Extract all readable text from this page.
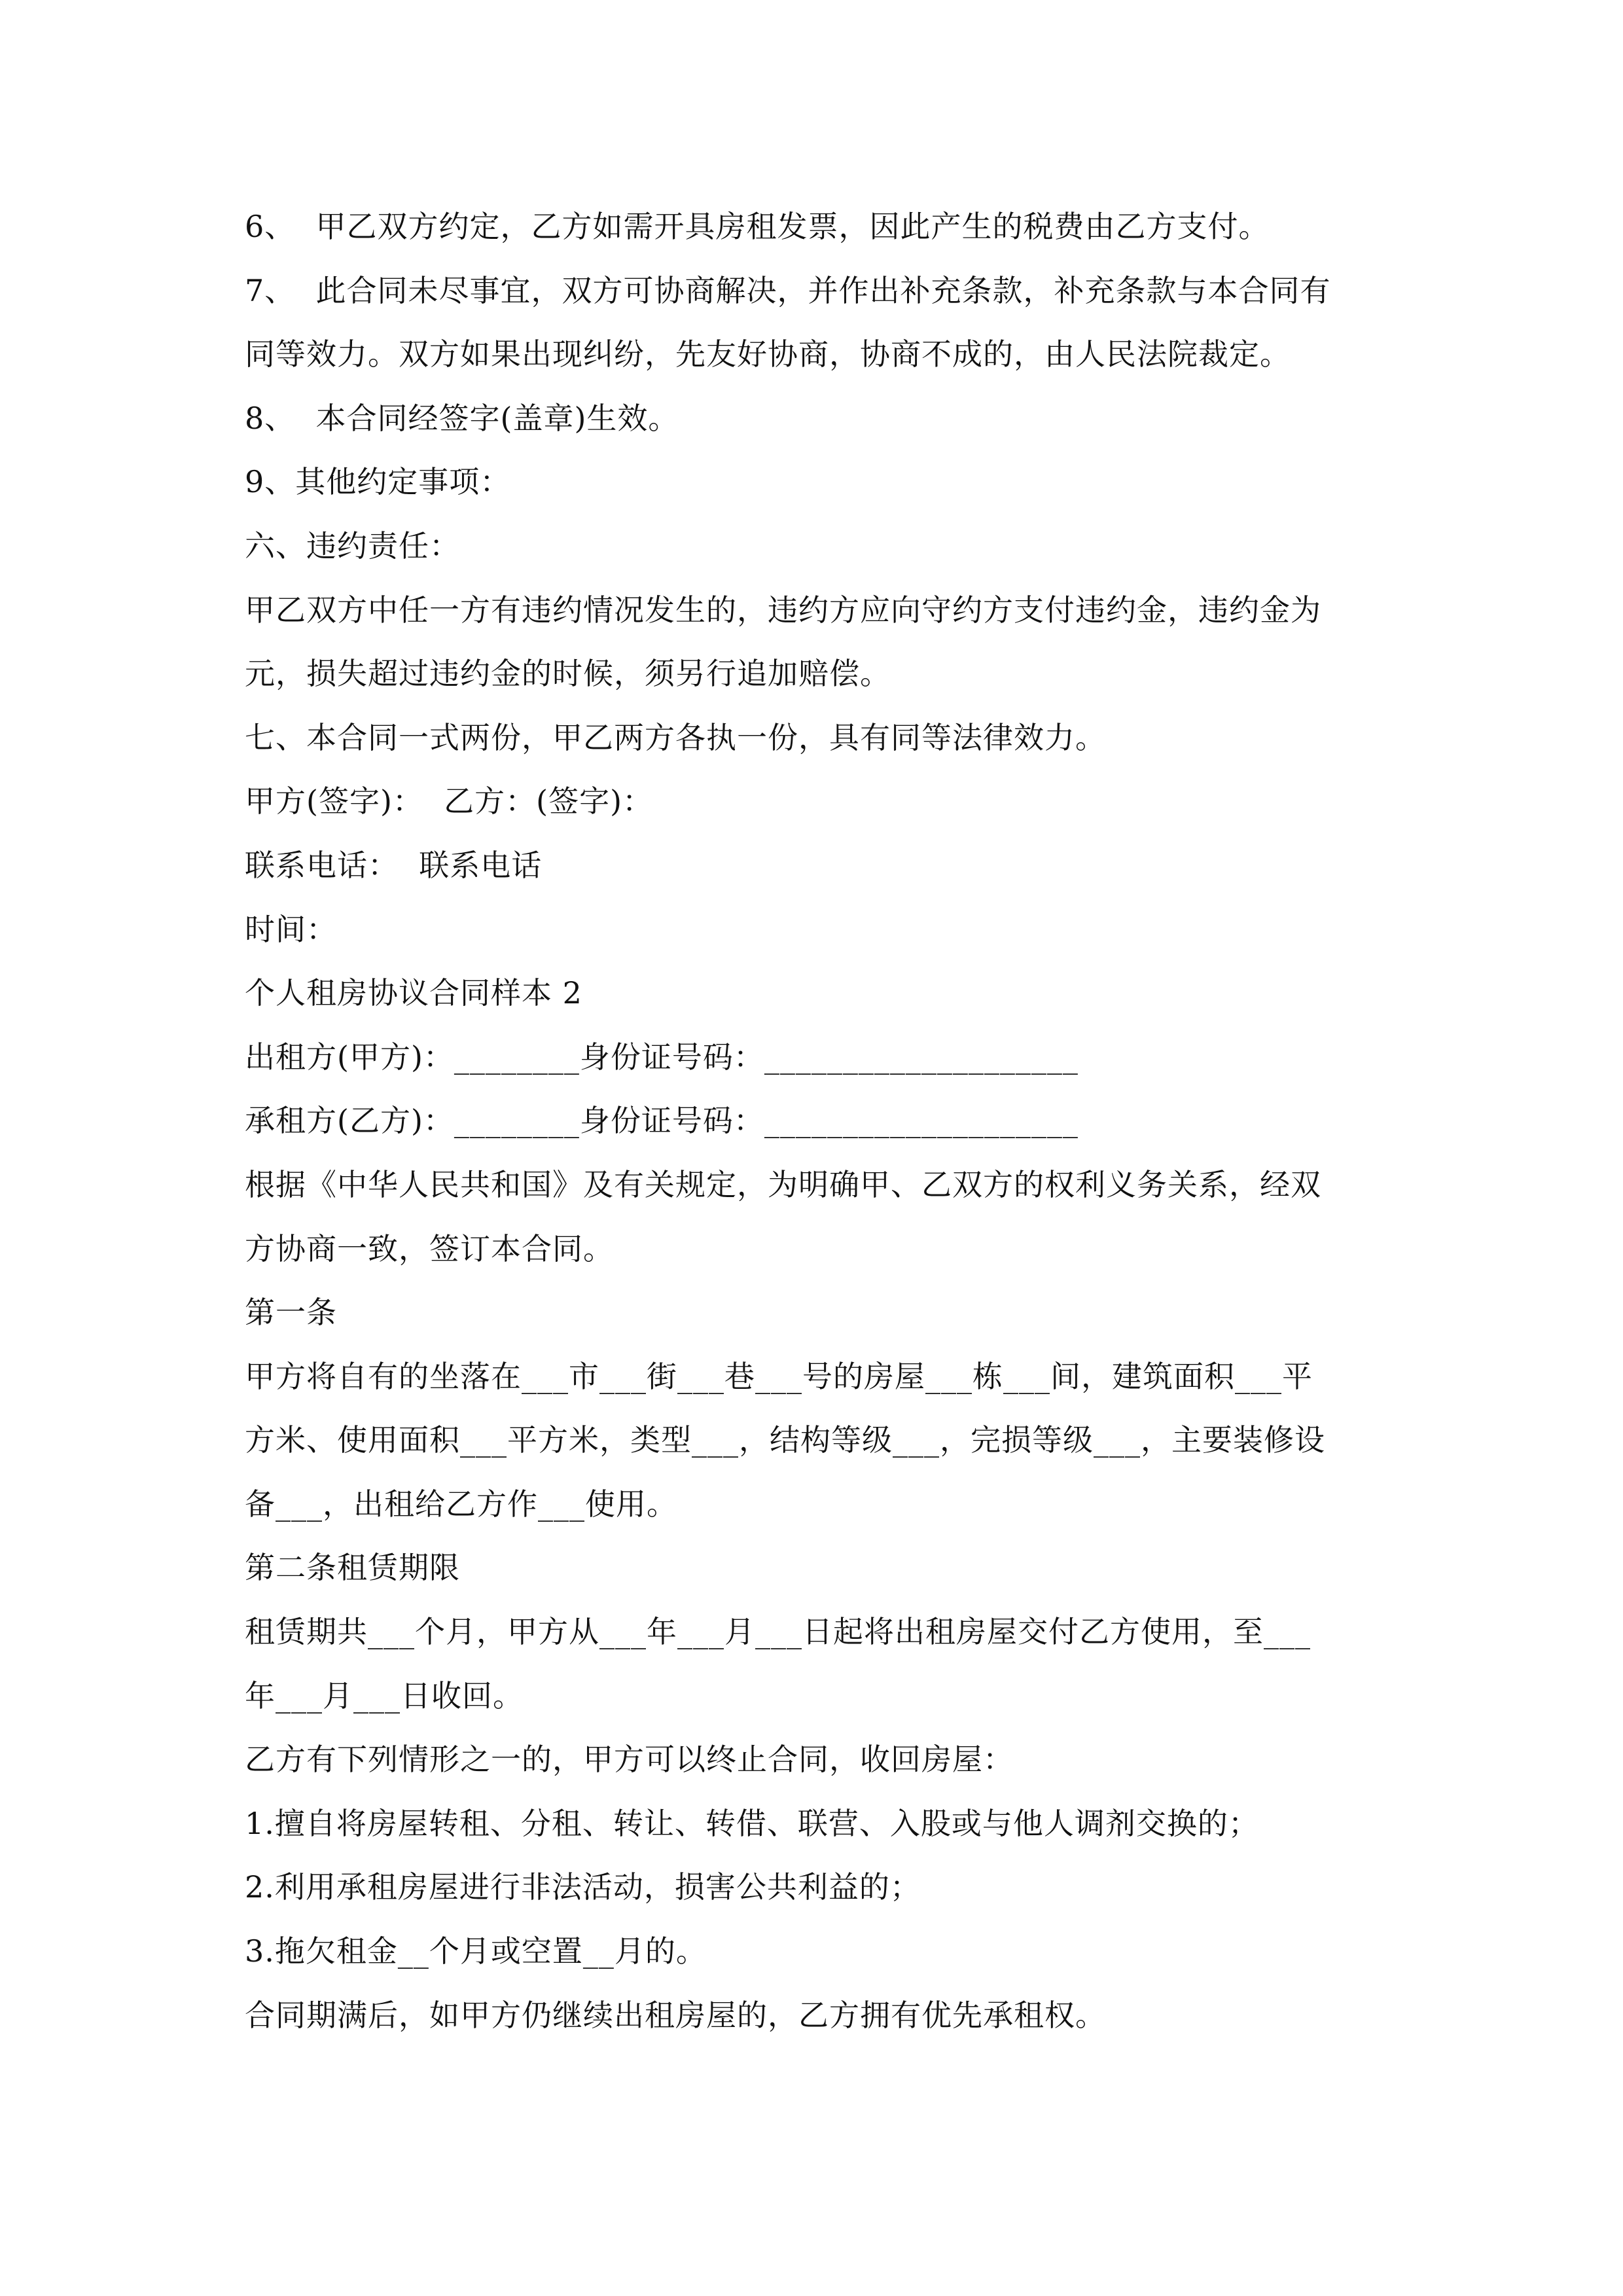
6、  甲乙双方约定，乙方如需开具房租发票，因此产生的税费由乙方支付。
7、  此合同未尽事宜，双方可协商解决，并作出补充条款，补充条款与本合同有
同等效力。双方如果出现纠纷，先友好协商，协商不成的，由人民法院裁定。
8、  本合同经签字(盖章)生效。
9、其他约定事项：
六、违约责任：
甲乙双方中任一方有违约情况发生的，违约方应向守约方支付违约金，违约金为
元，损失超过违约金的时候，须另行追加赔偿。
七、本合同一式两份，甲乙两方各执一份，具有同等法律效力。
甲方(签字)：  乙方：(签字)：
联系电话：  联系电话
时间：
个人租房协议合同样本 2
出租方(甲方)：________身份证号码：____________________
承租方(乙方)：________身份证号码：____________________
根据《中华人民共和国》及有关规定，为明确甲、乙双方的权利义务关系，经双
方协商一致，签订本合同。
第一条
甲方将自有的坐落在___市___街___巷___号的房屋___栋___间，建筑面积___平
方米、使用面积___平方米，类型___，结构等级___，完损等级___，主要装修设
备___，出租给乙方作___使用。
第二条租赁期限
租赁期共___个月，甲方从___年___月___日起将出租房屋交付乙方使用，至___
年___月___日收回。
乙方有下列情形之一的，甲方可以终止合同，收回房屋：
1.擅自将房屋转租、分租、转让、转借、联营、入股或与他人调剂交换的；
2.利用承租房屋进行非法活动，损害公共利益的；
3.拖欠租金__个月或空置__月的。
合同期满后，如甲方仍继续出租房屋的，乙方拥有优先承租权。
